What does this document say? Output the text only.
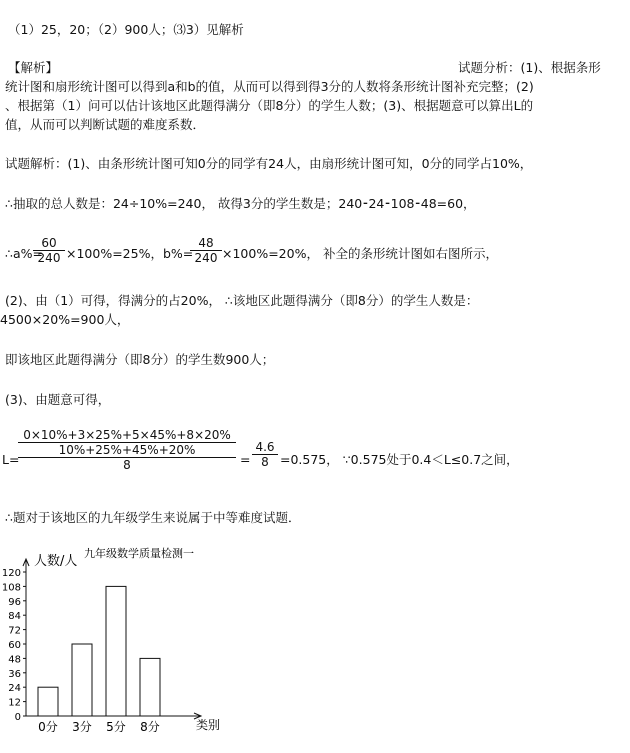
（1）25，20；（2）900人；⑶3）见解析
【解析】	试题分析：(1)、根据条形
统计图和扇形统计图可以得到a和b的值，从而可以得到得3分的人数将条形统计图补充完整；(2)
、根据第（1）问可以估计该地区此题得满分（即8分）的学生人数；(3)、根据题意可以算出L的
值，从而可以判断试题的难度系数．
试题解析：(1)、由条形统计图可知0分的同学有24人，由扇形统计图可知，0分的同学占10%，
∴抽取的总人数是：24÷10%=240， 故得3分的学生数是；240⁃24⁃108⁃48=60，
∴a%=
$\frac{60}{240} \times 100\%=25\%$，b%=
$\frac{48}{240} \times 100\%=20\%$， 补全的条形统计图如右图所示，
(2)、由（1）可得，得满分的占20%， ∴该地区此题得满分（即8分）的学生人数是：
4500×20%=900人，
即该地区此题得满分（即8分）的学生数900人；
(3)、由题意可得，
L=
0×10%+3×25%+5×45%+8×20%
10%+25%+45%+20%
8	= $\frac{4.6}{8} =0.575$， ∵0.575处于0.4＜L≤0.7之间，
∴题对于该地区的九年级学生来说属于中等难度试题．
九年级数学质量检测一
人数/人
类别
0
12
24
36
48
60
72
84
96
108
120
0分 3分 5分 8分
